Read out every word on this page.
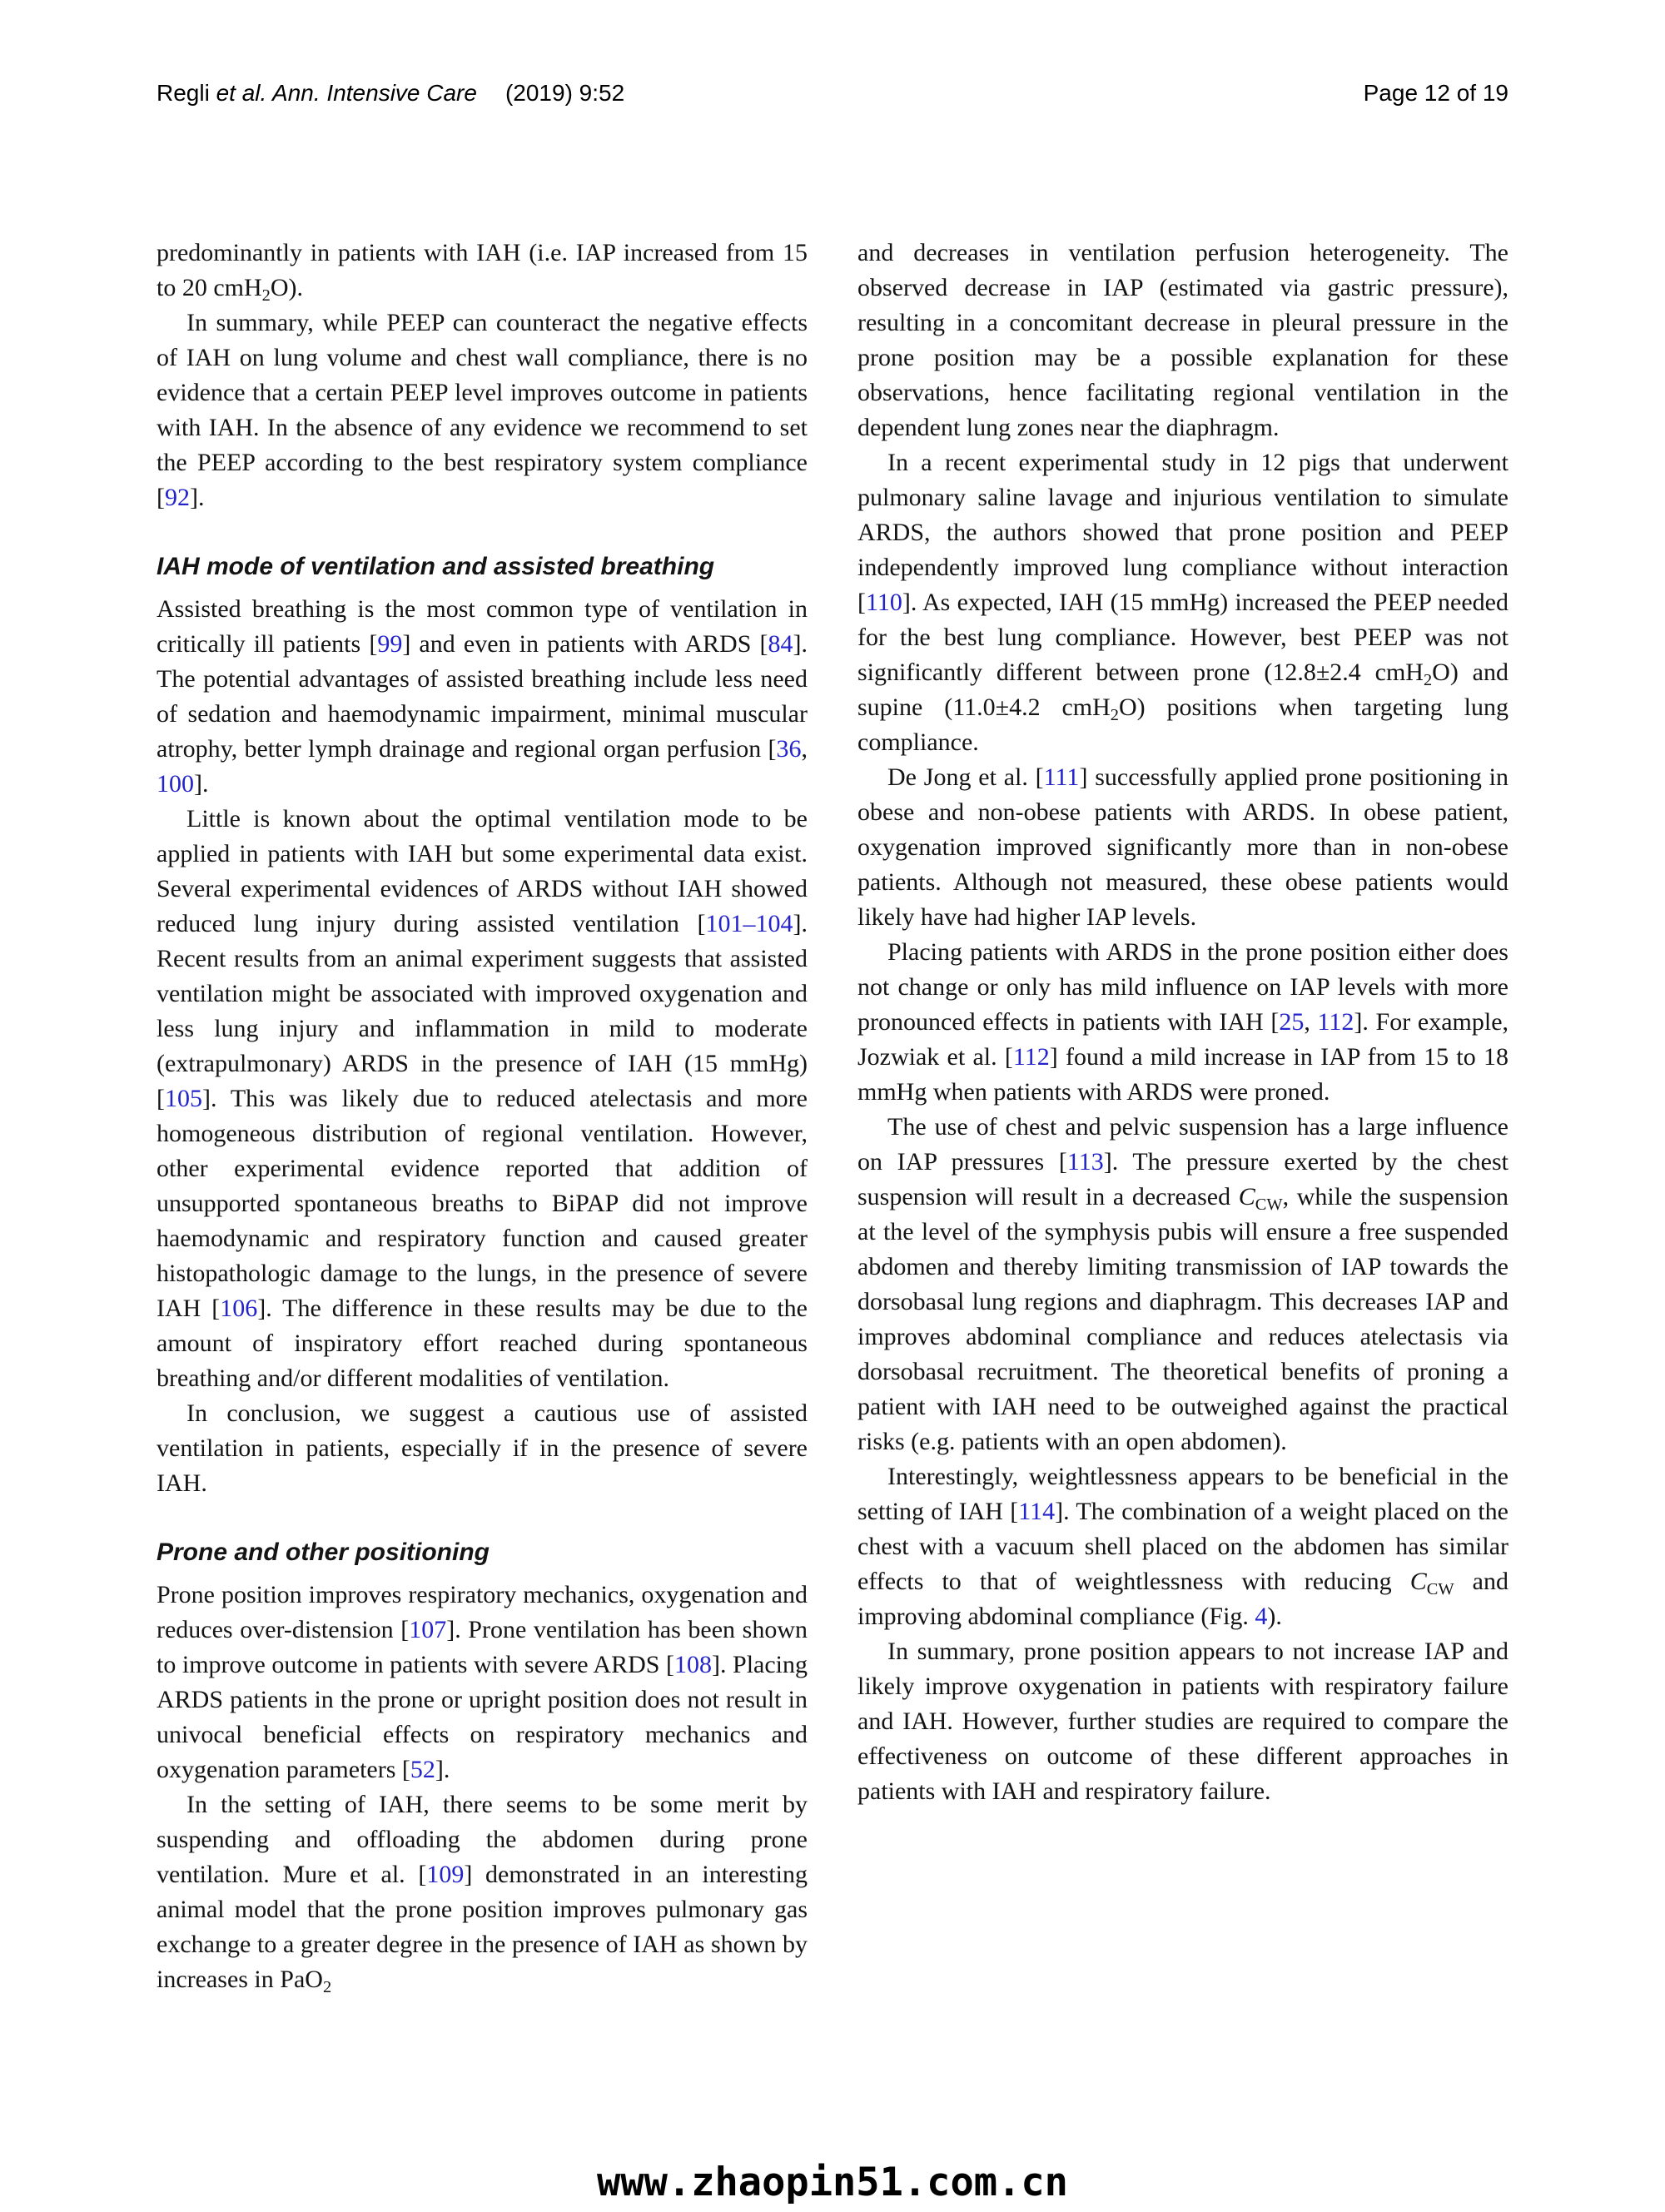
Regli et al. Ann. Intensive Care (2019) 9:52	Page 12 of 19

predominantly in patients with IAH (i.e. IAP increased from 15 to 20 cmH$_2$O).

In summary, while PEEP can counteract the negative effects of IAH on lung volume and chest wall compliance, there is no evidence that a certain PEEP level improves outcome in patients with IAH. In the absence of any evidence we recommend to set the PEEP according to the best respiratory system compliance [92].

IAH mode of ventilation and assisted breathing

Assisted breathing is the most common type of ventilation in critically ill patients [99] and even in patients with ARDS [84]. The potential advantages of assisted breathing include less need of sedation and haemodynamic impairment, minimal muscular atrophy, better lymph drainage and regional organ perfusion [36, 100].

Little is known about the optimal ventilation mode to be applied in patients with IAH but some experimental data exist. Several experimental evidences of ARDS without IAH showed reduced lung injury during assisted ventilation [101–104]. Recent results from an animal experiment suggests that assisted ventilation might be associated with improved oxygenation and less lung injury and inflammation in mild to moderate (extrapulmonary) ARDS in the presence of IAH (15 mmHg) [105]. This was likely due to reduced atelectasis and more homogeneous distribution of regional ventilation. However, other experimental evidence reported that addition of unsupported spontaneous breaths to BiPAP did not improve haemodynamic and respiratory function and caused greater histopathologic damage to the lungs, in the presence of severe IAH [106]. The difference in these results may be due to the amount of inspiratory effort reached during spontaneous breathing and/or different modalities of ventilation.

In conclusion, we suggest a cautious use of assisted ventilation in patients, especially if in the presence of severe IAH.

Prone and other positioning

Prone position improves respiratory mechanics, oxygenation and reduces over-distension [107]. Prone ventilation has been shown to improve outcome in patients with severe ARDS [108]. Placing ARDS patients in the prone or upright position does not result in univocal beneficial effects on respiratory mechanics and oxygenation parameters [52].

In the setting of IAH, there seems to be some merit by suspending and offloading the abdomen during prone ventilation. Mure et al. [109] demonstrated in an interesting animal model that the prone position improves pulmonary gas exchange to a greater degree in the presence of IAH as shown by increases in PaO$_2$

and decreases in ventilation perfusion heterogeneity. The observed decrease in IAP (estimated via gastric pressure), resulting in a concomitant decrease in pleural pressure in the prone position may be a possible explanation for these observations, hence facilitating regional ventilation in the dependent lung zones near the diaphragm.

In a recent experimental study in 12 pigs that underwent pulmonary saline lavage and injurious ventilation to simulate ARDS, the authors showed that prone position and PEEP independently improved lung compliance without interaction [110]. As expected, IAH (15 mmHg) increased the PEEP needed for the best lung compliance. However, best PEEP was not significantly different between prone (12.8±2.4 cmH$_2$O) and supine (11.0±4.2 cmH$_2$O) positions when targeting lung compliance.

De Jong et al. [111] successfully applied prone positioning in obese and non-obese patients with ARDS. In obese patient, oxygenation improved significantly more than in non-obese patients. Although not measured, these obese patients would likely have had higher IAP levels.

Placing patients with ARDS in the prone position either does not change or only has mild influence on IAP levels with more pronounced effects in patients with IAH [25, 112]. For example, Jozwiak et al. [112] found a mild increase in IAP from 15 to 18 mmHg when patients with ARDS were proned.

The use of chest and pelvic suspension has a large influence on IAP pressures [113]. The pressure exerted by the chest suspension will result in a decreased $C_{CW}$, while the suspension at the level of the symphysis pubis will ensure a free suspended abdomen and thereby limiting transmission of IAP towards the dorsobasal lung regions and diaphragm. This decreases IAP and improves abdominal compliance and reduces atelectasis via dorsobasal recruitment. The theoretical benefits of proning a patient with IAH need to be outweighed against the practical risks (e.g. patients with an open abdomen).

Interestingly, weightlessness appears to be beneficial in the setting of IAH [114]. The combination of a weight placed on the chest with a vacuum shell placed on the abdomen has similar effects to that of weightlessness with reducing $C_{CW}$ and improving abdominal compliance (Fig. 4).

In summary, prone position appears to not increase IAP and likely improve oxygenation in patients with respiratory failure and IAH. However, further studies are required to compare the effectiveness on outcome of these different approaches in patients with IAH and respiratory failure.

www.zhaopin51.com.cn
